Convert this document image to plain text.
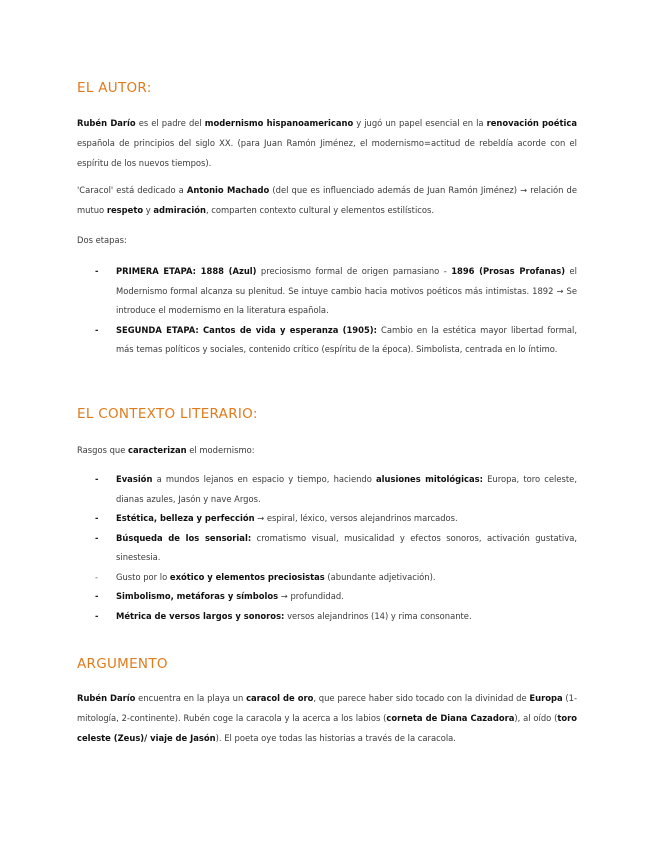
EL AUTOR:

Rubén Darío es el padre del modernismo hispanoamericano y jugó un papel esencial en la renovación poética española de principios del siglo XX. (para Juan Ramón Jiménez, el modernismo=actitud de rebeldía acorde con el espíritu de los nuevos tiempos).

'Caracol' está dedicado a Antonio Machado (del que es influenciado además de Juan Ramón Jiménez) → relación de mutuo respeto y admiración, comparten contexto cultural y elementos estilísticos.

Dos etapas:

- PRIMERA ETAPA: 1888 (Azul) preciosismo formal de origen parnasiano - 1896 (Prosas Profanas) el Modernismo formal alcanza su plenitud. Se intuye cambio hacia motivos poéticos más intimistas. 1892 → Se introduce el modernismo en la literatura española.
- SEGUNDA ETAPA: Cantos de vida y esperanza (1905): Cambio en la estética mayor libertad formal, más temas políticos y sociales, contenido crítico (espíritu de la época). Simbolista, centrada en lo íntimo.
EL CONTEXTO LITERARIO:

Rasgos que caracterizan el modernismo:

- Evasión a mundos lejanos en espacio y tiempo, haciendo alusiones mitológicas: Europa, toro celeste, dianas azules, Jasón y nave Argos.
- Estética, belleza y perfección → espiral, léxico, versos alejandrinos marcados.
- Búsqueda de los sensorial: cromatismo visual, musicalidad y efectos sonoros, activación gustativa, sinestesia.
- Gusto por lo exótico y elementos preciosistas (abundante adjetivación).
- Simbolismo, metáforas y símbolos → profundidad.
- Métrica de versos largos y sonoros: versos alejandrinos (14) y rima consonante.
ARGUMENTO

Rubén Darío encuentra en la playa un caracol de oro, que parece haber sido tocado con la divinidad de Europa (1- mitología, 2-continente). Rubén coge la caracola y la acerca a los labios (corneta de Diana Cazadora), al oído (toro celeste (Zeus)/ viaje de Jasón). El poeta oye todas las historias a través de la caracola.
